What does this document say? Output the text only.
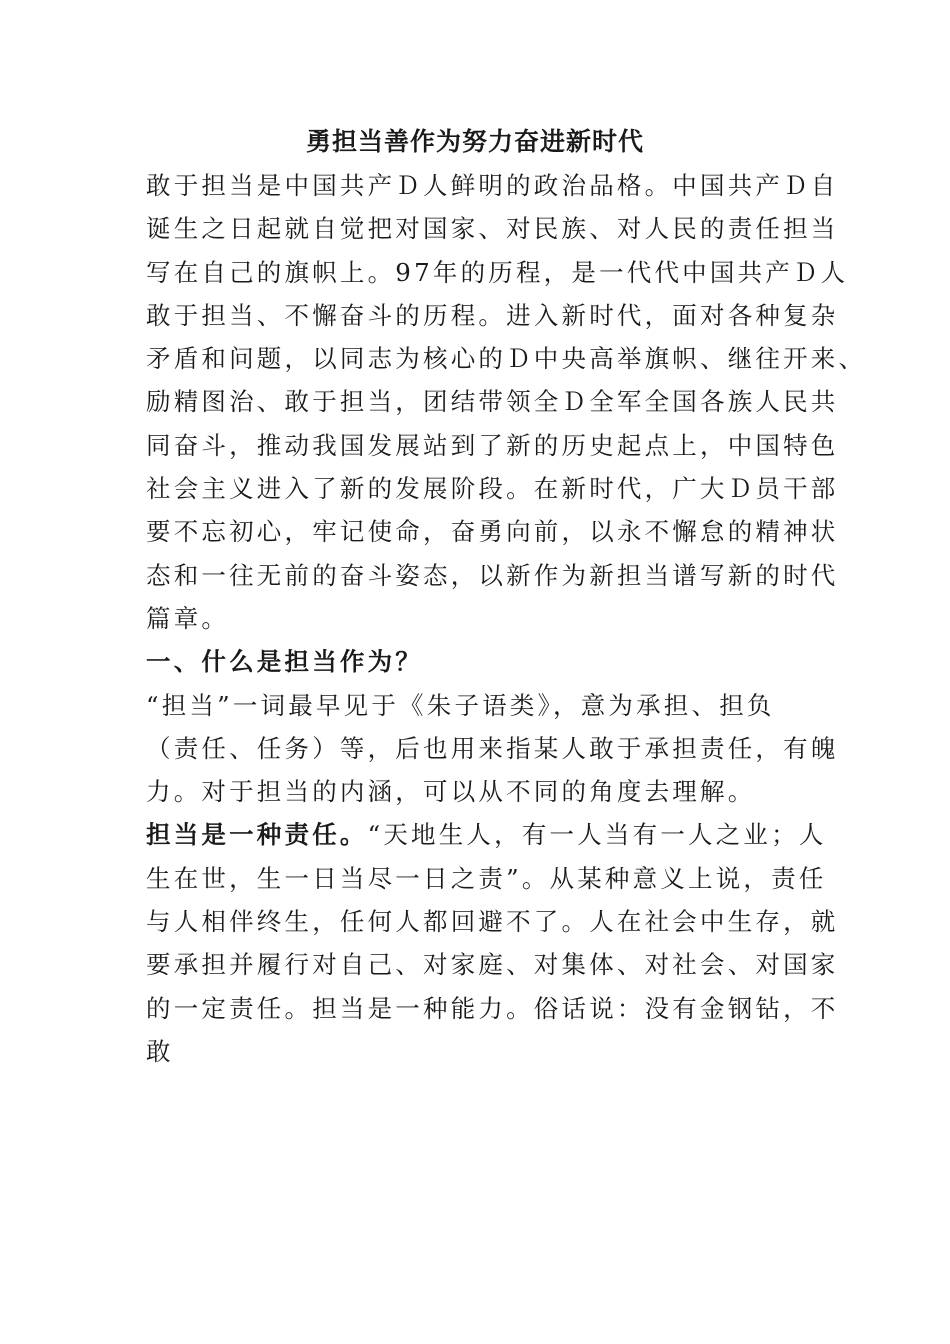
勇担当善作为努力奋进新时代
敢于担当是中国共产Ｄ人鲜明的政治品格。中国共产Ｄ自
诞生之日起就自觉把对国家、对民族、对人民的责任担当
写在自己的旗帜上。97年的历程，是一代代中国共产Ｄ人
敢于担当、不懈奋斗的历程。进入新时代，面对各种复杂
矛盾和问题，以同志为核心的Ｄ中央高举旗帜、继往开来、
励精图治、敢于担当，团结带领全Ｄ全军全国各族人民共
同奋斗，推动我国发展站到了新的历史起点上，中国特色
社会主义进入了新的发展阶段。在新时代，广大Ｄ员干部
要不忘初心，牢记使命，奋勇向前，以永不懈怠的精神状
态和一往无前的奋斗姿态，以新作为新担当谱写新的时代
篇章。
一、什么是担当作为？
“担当”一词最早见于《朱子语类》，意为承担、担负
（责任、任务）等，后也用来指某人敢于承担责任，有魄
力。对于担当的内涵，可以从不同的角度去理解。
担当是一种责任。“天地生人，有一人当有一人之业；人
生在世，生一日当尽一日之责”。从某种意义上说，责任
与人相伴终生，任何人都回避不了。人在社会中生存，就
要承担并履行对自己、对家庭、对集体、对社会、对国家
的一定责任。担当是一种能力。俗话说：没有金钢钻，不
敢
